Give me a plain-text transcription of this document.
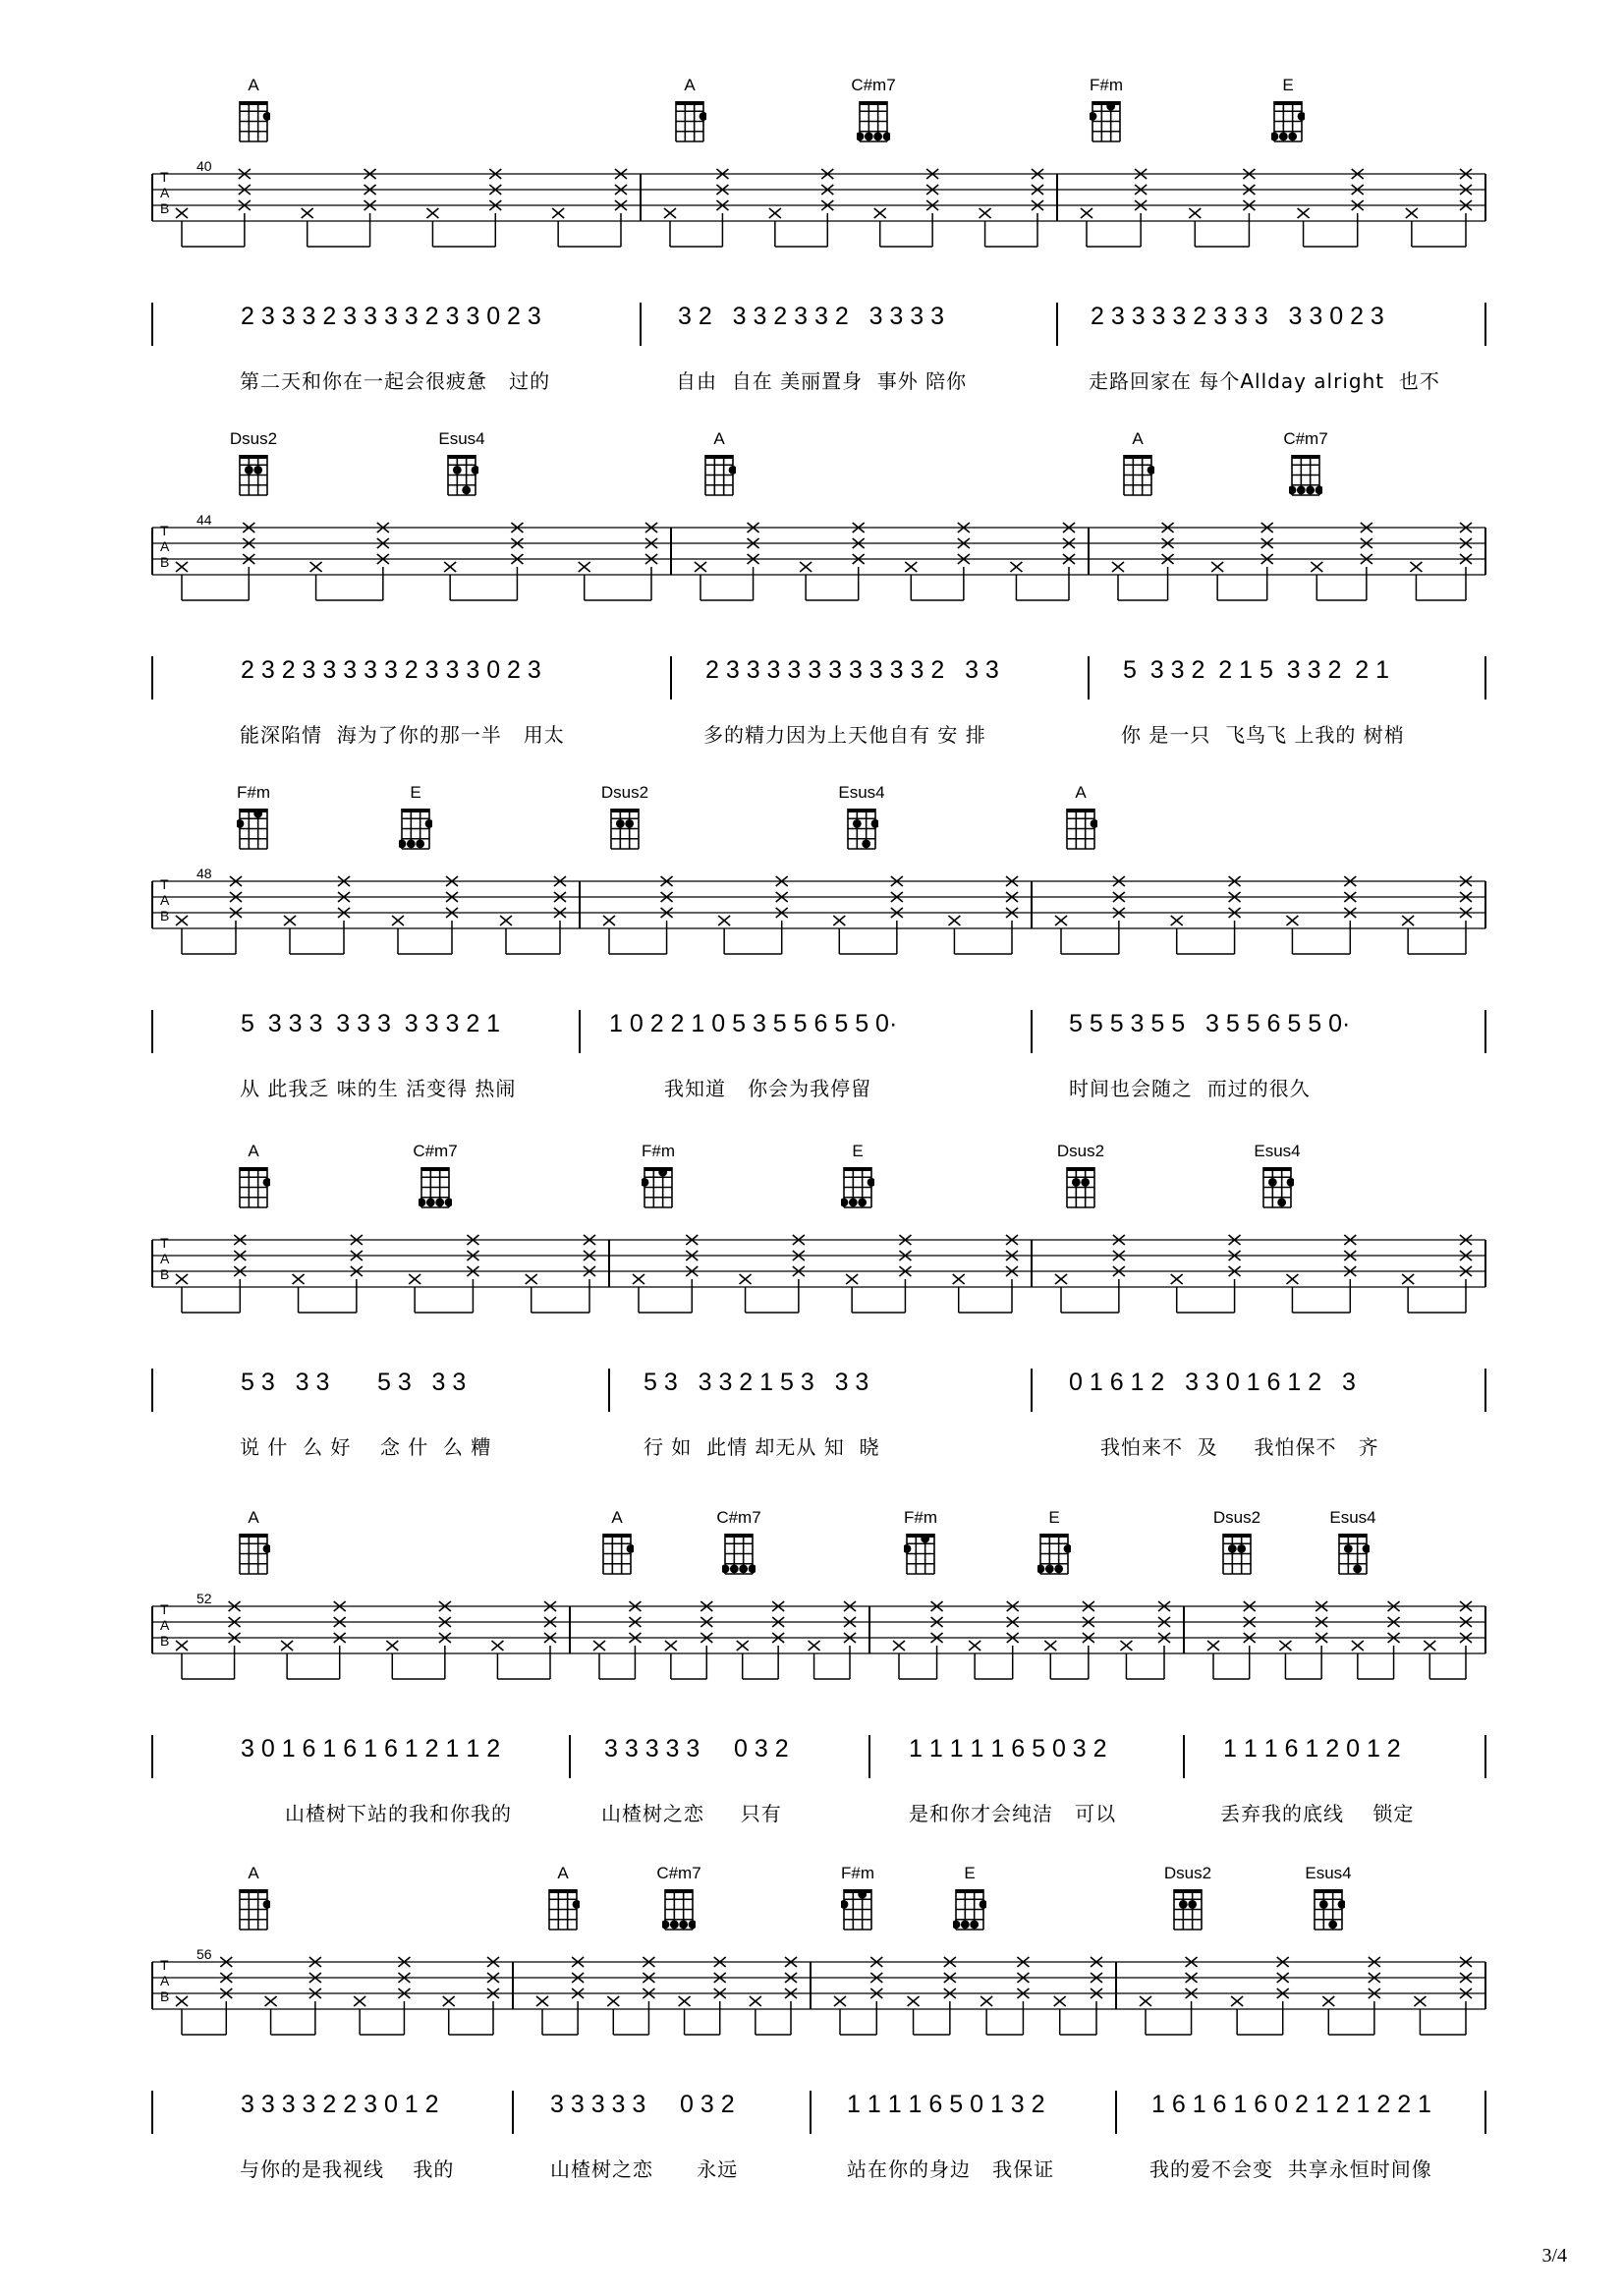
A	A	C#m7	F#m	E
T
A
B
40
2 3 3 3 2 3 3 3 3 2 3 3 0 2 3	3 2   3 3 2 3 3 2   3 3 3 3	2 3 3 3 3 2 3 3 3   3 3 0 2 3
第二天和你在一起会很疲惫   过的	自由  自在 美丽置身  事外 陪你	走路回家在 每个Allday alright  也不
Dsus2	Esus4	A	A	C#m7
T
A
B
44
2 3 2 3 3 3 3 3 2 3 3 3 0 2 3	2 3 3 3 3 3 3 3 3 3 3 2   3 3	5  3 3 2  2 1 5  3 3 2  2 1
能深陷情  海为了你的那一半   用太	多的精力因为上天他自有 安 排	你 是一只  飞鸟飞 上我的 树梢
F#m	E	Dsus2	Esus4	A
T
A
B
48
5  3 3 3  3 3 3  3 3 3 2 1	1 0 2 2 1 0 5 3 5 5 6 5 5 0·	5 5 5 3 5 5   3 5 5 6 5 5 0·
从 此我乏 味的生 活变得 热闹	我知道   你会为我停留	时间也会随之  而过的很久
A	C#m7	F#m	E	Dsus2	Esus4
T
A
B
5 3   3 3       5 3   3 3	5 3   3 3 2 1 5 3   3 3	0 1 6 1 2   3 3 0 1 6 1 2   3
说 什  么 好    念 什  么 糟	行 如  此情 却无从 知  晓	我怕来不  及     我怕保不   齐
A	A	C#m7	F#m	E	Dsus2	Esus4
T
A
B
52
3 0 1 6 1 6 1 6 1 2 1 1 2	3 3 3 3 3     0 3 2	1 1 1 1 1 6 5 0 3 2	1 1 1 6 1 2 0 1 2
山楂树下站的我和你我的	山楂树之恋     只有	是和你才会纯洁   可以	丢弃我的底线    锁定
A	A	C#m7	F#m	E	Dsus2	Esus4
T
A
B
56
3 3 3 3 2 2 3 0 1 2	3 3 3 3 3     0 3 2	1 1 1 1 6 5 0 1 3 2	1 6 1 6 1 6 0 2 1 2 1 2 2 1
与你的是我视线    我的	山楂树之恋      永远	站在你的身边   我保证	我的爱不会变  共享永恒时间像
3/4
